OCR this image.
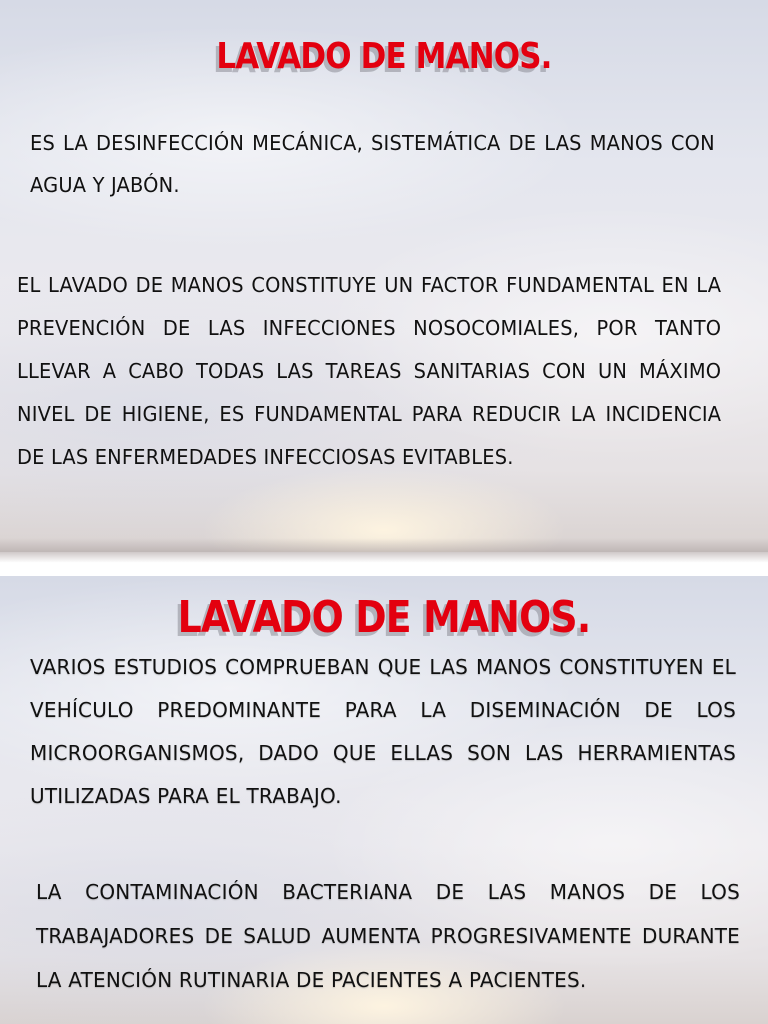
LAVADO DE MANOS.

ES LA DESINFECCIÓN MECÁNICA, SISTEMÁTICA DE LAS MANOS CON AGUA Y JABÓN.

EL LAVADO DE MANOS CONSTITUYE UN FACTOR FUNDAMENTAL EN LA PREVENCIÓN DE LAS INFECCIONES NOSOCOMIALES, POR TANTO LLEVAR A CABO TODAS LAS TAREAS SANITARIAS CON UN MÁXIMO NIVEL DE HIGIENE, ES FUNDAMENTAL PARA REDUCIR LA INCIDENCIA DE LAS ENFERMEDADES INFECCIOSAS EVITABLES.

LAVADO DE MANOS.

VARIOS ESTUDIOS COMPRUEBAN QUE LAS MANOS CONSTITUYEN EL VEHÍCULO PREDOMINANTE PARA LA DISEMINACIÓN DE LOS MICROORGANISMOS, DADO QUE ELLAS SON LAS HERRAMIENTAS UTILIZADAS PARA EL TRABAJO.

LA CONTAMINACIÓN BACTERIANA DE LAS MANOS DE LOS TRABAJADORES DE SALUD AUMENTA PROGRESIVAMENTE DURANTE LA ATENCIÓN RUTINARIA DE PACIENTES A PACIENTES.
